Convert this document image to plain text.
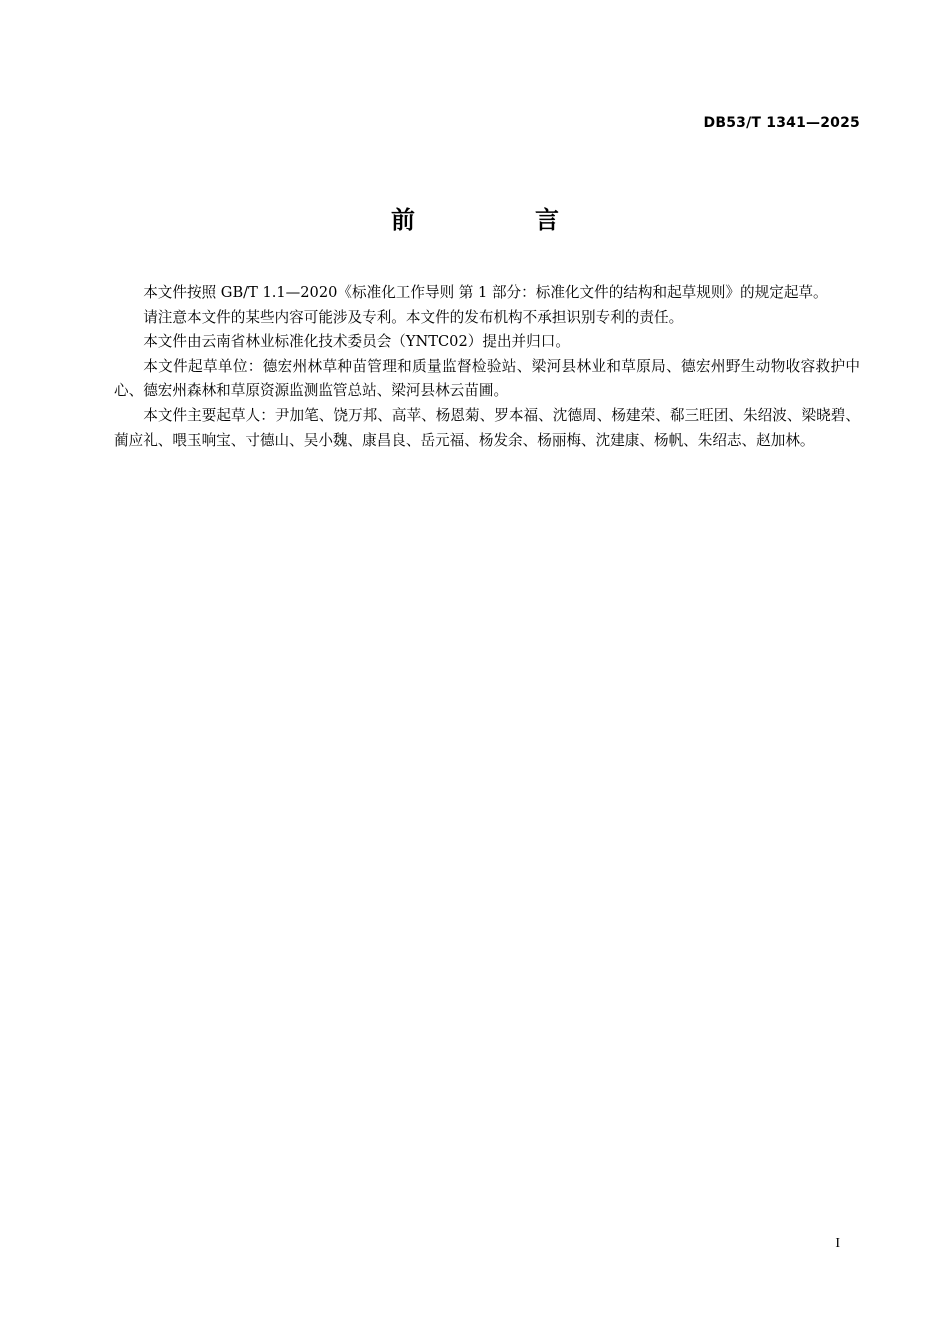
DB53/T 1341—2025
前　言

本文件按照 GB/T 1.1—2020《标准化工作导则 第 1 部分：标准化文件的结构和起草规则》的规定起草。

请注意本文件的某些内容可能涉及专利。本文件的发布机构不承担识别专利的责任。

本文件由云南省林业标准化技术委员会（YNTC02）提出并归口。

本文件起草单位：德宏州林草种苗管理和质量监督检验站、梁河县林业和草原局、德宏州野生动物收容救护中心、德宏州森林和草原资源监测监管总站、梁河县林云苗圃。

本文件主要起草人：尹加笔、饶万邦、高苹、杨恩菊、罗本福、沈德周、杨建荣、郗三旺团、朱绍波、梁晓碧、蔺应礼、喂玉响宝、寸德山、吴小魏、康昌良、岳元福、杨发余、杨丽梅、沈建康、杨帆、朱绍志、赵加林。

I
